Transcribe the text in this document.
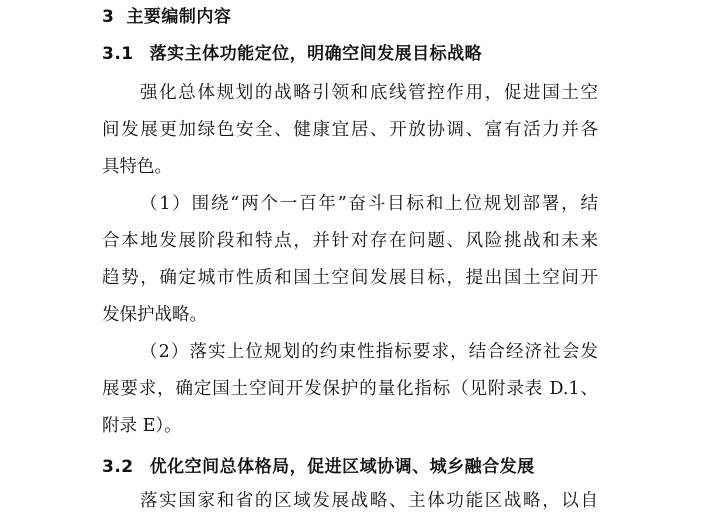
3 主要编制内容
3.1 落实主体功能定位，明确空间发展目标战略
强化总体规划的战略引领和底线管控作用，促进国土空
间发展更加绿色安全、健康宜居、开放协调、富有活力并各
具特色。
（1）围绕“两个一百年”奋斗目标和上位规划部署，结
合本地发展阶段和特点，并针对存在问题、风险挑战和未来
趋势，确定城市性质和国土空间发展目标，提出国土空间开
发保护战略。
（2）落实上位规划的约束性指标要求，结合经济社会发
展要求，确定国土空间开发保护的量化指标（见附录表 D.1、
附录 E）。
3.2 优化空间总体格局，促进区域协调、城乡融合发展
落实国家和省的区域发展战略、主体功能区战略，以自
